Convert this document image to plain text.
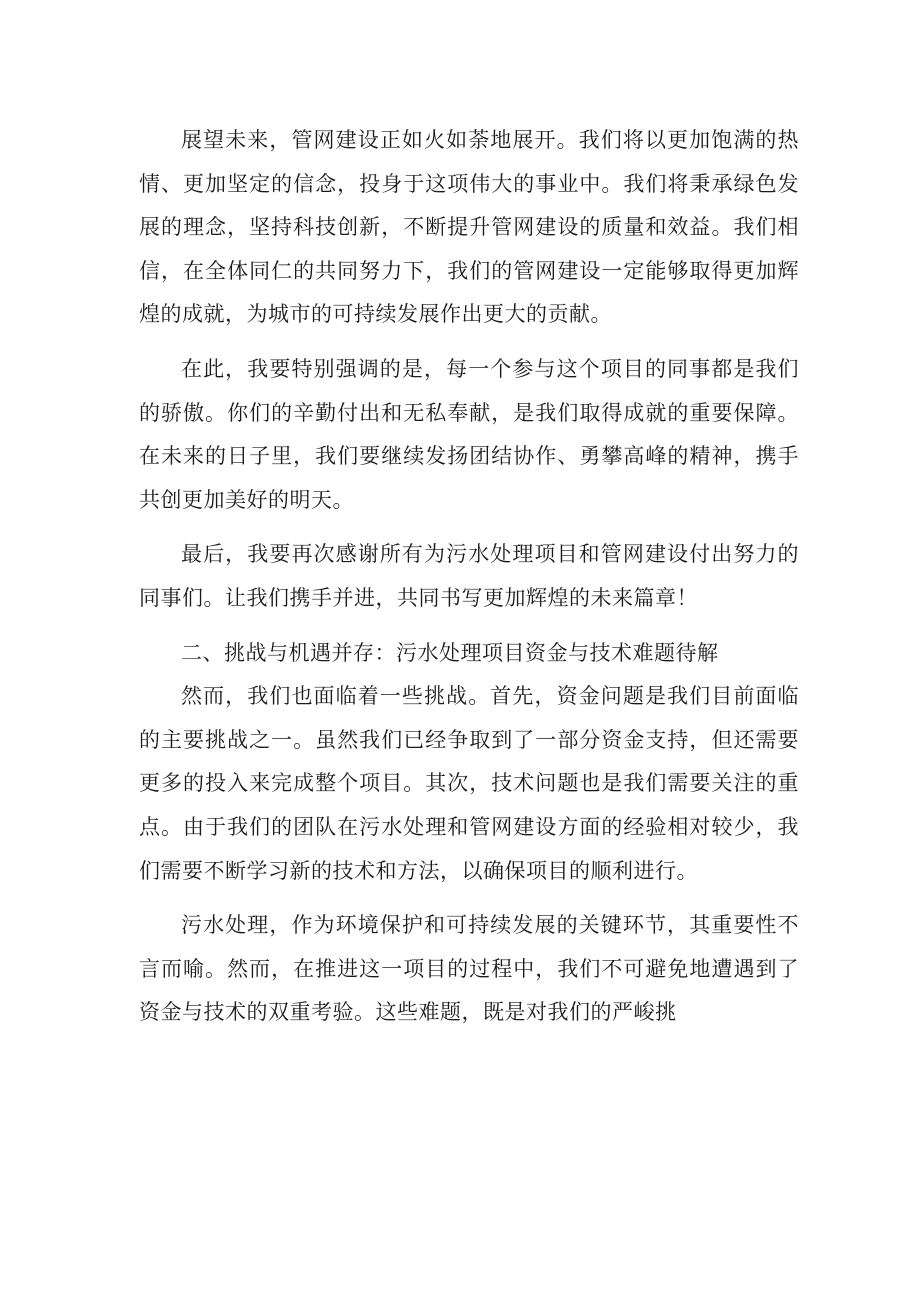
展望未来，管网建设正如火如荼地展开。我们将以更加饱满的热情、更加坚定的信念，投身于这项伟大的事业中。我们将秉承绿色发展的理念，坚持科技创新，不断提升管网建设的质量和效益。我们相信，在全体同仁的共同努力下，我们的管网建设一定能够取得更加辉煌的成就，为城市的可持续发展作出更大的贡献。

在此，我要特别强调的是，每一个参与这个项目的同事都是我们的骄傲。你们的辛勤付出和无私奉献，是我们取得成就的重要保障。在未来的日子里，我们要继续发扬团结协作、勇攀高峰的精神，携手共创更加美好的明天。

最后，我要再次感谢所有为污水处理项目和管网建设付出努力的同事们。让我们携手并进，共同书写更加辉煌的未来篇章！

二、挑战与机遇并存：污水处理项目资金与技术难题待解

然而，我们也面临着一些挑战。首先，资金问题是我们目前面临的主要挑战之一。虽然我们已经争取到了一部分资金支持，但还需要更多的投入来完成整个项目。其次，技术问题也是我们需要关注的重点。由于我们的团队在污水处理和管网建设方面的经验相对较少，我们需要不断学习新的技术和方法，以确保项目的顺利进行。

污水处理，作为环境保护和可持续发展的关键环节，其重要性不言而喻。然而，在推进这一项目的过程中，我们不可避免地遭遇到了资金与技术的双重考验。这些难题，既是对我们的严峻挑
